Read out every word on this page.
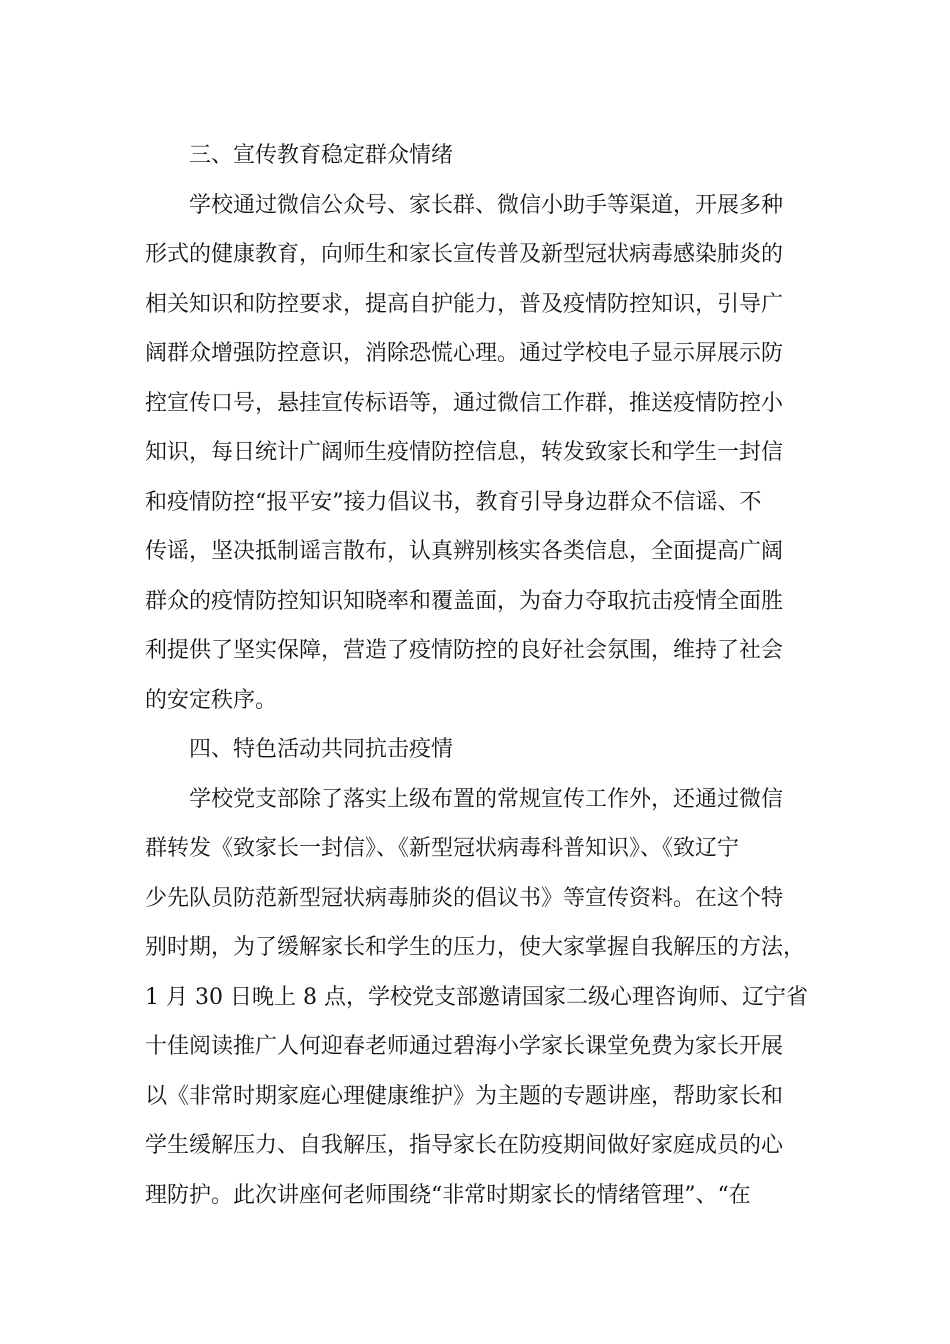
三、宣传教育稳定群众情绪
学校通过微信公众号、家长群、微信小助手等渠道，开展多种
形式的健康教育，向师生和家长宣传普及新型冠状病毒感染肺炎的
相关知识和防控要求，提高自护能力，普及疫情防控知识，引导广
阔群众增强防控意识，消除恐慌心理。通过学校电子显示屏展示防
控宣传口号，悬挂宣传标语等，通过微信工作群，推送疫情防控小
知识，每日统计广阔师生疫情防控信息，转发致家长和学生一封信
和疫情防控“报平安”接力倡议书，教育引导身边群众不信谣、不
传谣，坚决抵制谣言散布，认真辨别核实各类信息，全面提高广阔
群众的疫情防控知识知晓率和覆盖面，为奋力夺取抗击疫情全面胜
利提供了坚实保障，营造了疫情防控的良好社会氛围，维持了社会
的安定秩序。
四、特色活动共同抗击疫情
学校党支部除了落实上级布置的常规宣传工作外，还通过微信
群转发《致家长一封信》、《新型冠状病毒科普知识》、《致辽宁
少先队员防范新型冠状病毒肺炎的倡议书》等宣传资料。在这个特
别时期，为了缓解家长和学生的压力，使大家掌握自我解压的方法，
1 月 30 日晚上 8 点，学校党支部邀请国家二级心理咨询师、辽宁省
十佳阅读推广人何迎春老师通过碧海小学家长课堂免费为家长开展
以《非常时期家庭心理健康维护》为主题的专题讲座，帮助家长和
学生缓解压力、自我解压，指导家长在防疫期间做好家庭成员的心
理防护。此次讲座何老师围绕“非常时期家长的情绪管理”、“在
